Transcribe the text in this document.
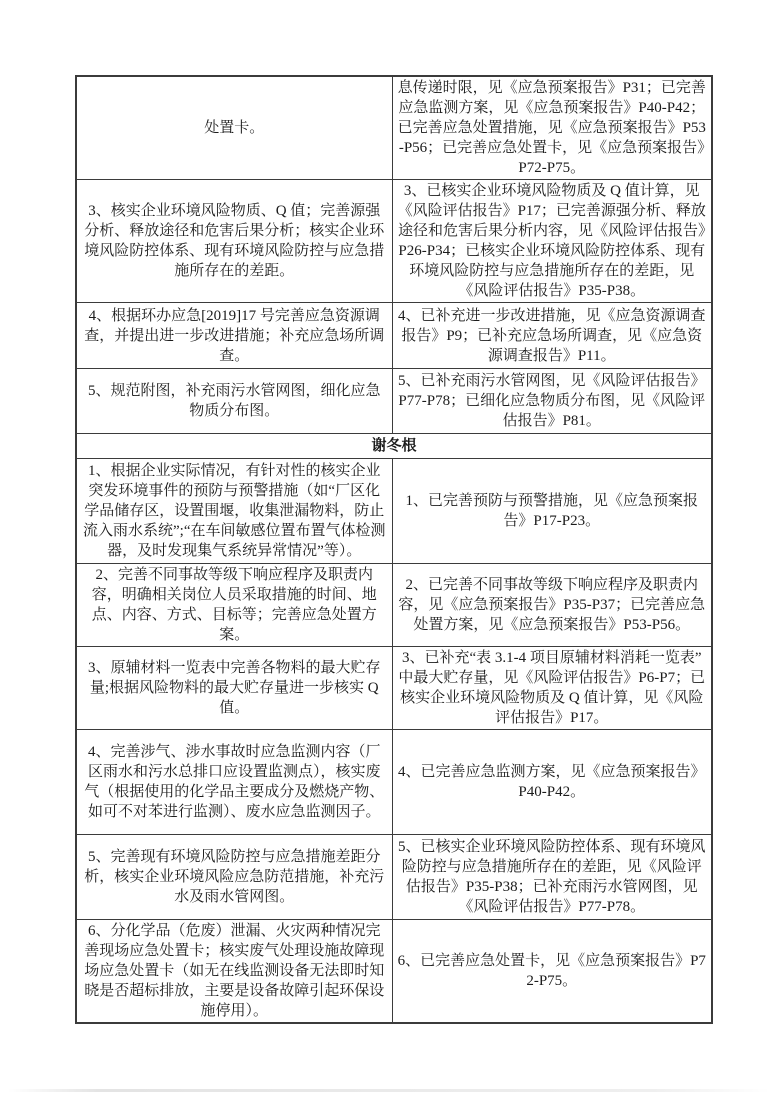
处置卡。	息传递时限，见《应急预案报告》P31；已完善应急监测方案，见《应急预案报告》P40-P42；已完善应急处置措施，见《应急预案报告》P53-P56；已完善应急处置卡，见《应急预案报告》P72-P75。
3、核实企业环境风险物质、Q 值；完善源强分析、释放途径和危害后果分析；核实企业环境风险防控体系、现有环境风险防控与应急措施所存在的差距。	3、已核实企业环境风险物质及 Q 值计算，见《风险评估报告》P17；已完善源强分析、释放途径和危害后果分析内容，见《风险评估报告》P26-P34；已核实企业环境风险防控体系、现有环境风险防控与应急措施所存在的差距，见《风险评估报告》P35-P38。
4、根据环办应急[2019]17 号完善应急资源调查，并提出进一步改进措施；补充应急场所调查。	4、已补充进一步改进措施，见《应急资源调查报告》P9；已补充应急场所调查，见《应急资源调查报告》P11。
5、规范附图，补充雨污水管网图，细化应急物质分布图。	5、已补充雨污水管网图，见《风险评估报告》P77-P78；已细化应急物质分布图，见《风险评估报告》P81。
谢冬根	
1、根据企业实际情况，有针对性的核实企业突发环境事件的预防与预警措施（如“厂区化学品储存区，设置围堰，收集泄漏物料，防止流入雨水系统”;“在车间敏感位置布置气体检测器，及时发现集气系统异常情况”等）。	1、已完善预防与预警措施，见《应急预案报告》P17-P23。
2、完善不同事故等级下响应程序及职责内容，明确相关岗位人员采取措施的时间、地点、内容、方式、目标等；完善应急处置方案。	2、已完善不同事故等级下响应程序及职责内容，见《应急预案报告》P35-P37；已完善应急处置方案，见《应急预案报告》P53-P56。
3、原辅材料一览表中完善各物料的最大贮存量;根据风险物料的最大贮存量进一步核实 Q 值。	3、已补充“表 3.1-4 项目原辅材料消耗一览表”中最大贮存量，见《风险评估报告》P6-P7；已核实企业环境风险物质及 Q 值计算，见《风险评估报告》P17。
4、完善涉气、涉水事故时应急监测内容（厂区雨水和污水总排口应设置监测点），核实废气（根据使用的化学品主要成分及燃烧产物、如可不对苯进行监测）、废水应急监测因子。	4、已完善应急监测方案，见《应急预案报告》P40-P42。
5、完善现有环境风险防控与应急措施差距分析，核实企业环境风险应急防范措施，补充污水及雨水管网图。	5、已核实企业环境风险防控体系、现有环境风险防控与应急措施所存在的差距，见《风险评估报告》P35-P38；已补充雨污水管网图，见《风险评估报告》P77-P78。
6、分化学品（危废）泄漏、火灾两种情况完善现场应急处置卡；核实废气处理设施故障现场应急处置卡（如无在线监测设备无法即时知晓是否超标排放，主要是设备故障引起环保设施停用）。	6、已完善应急处置卡，见《应急预案报告》P72-P75。
